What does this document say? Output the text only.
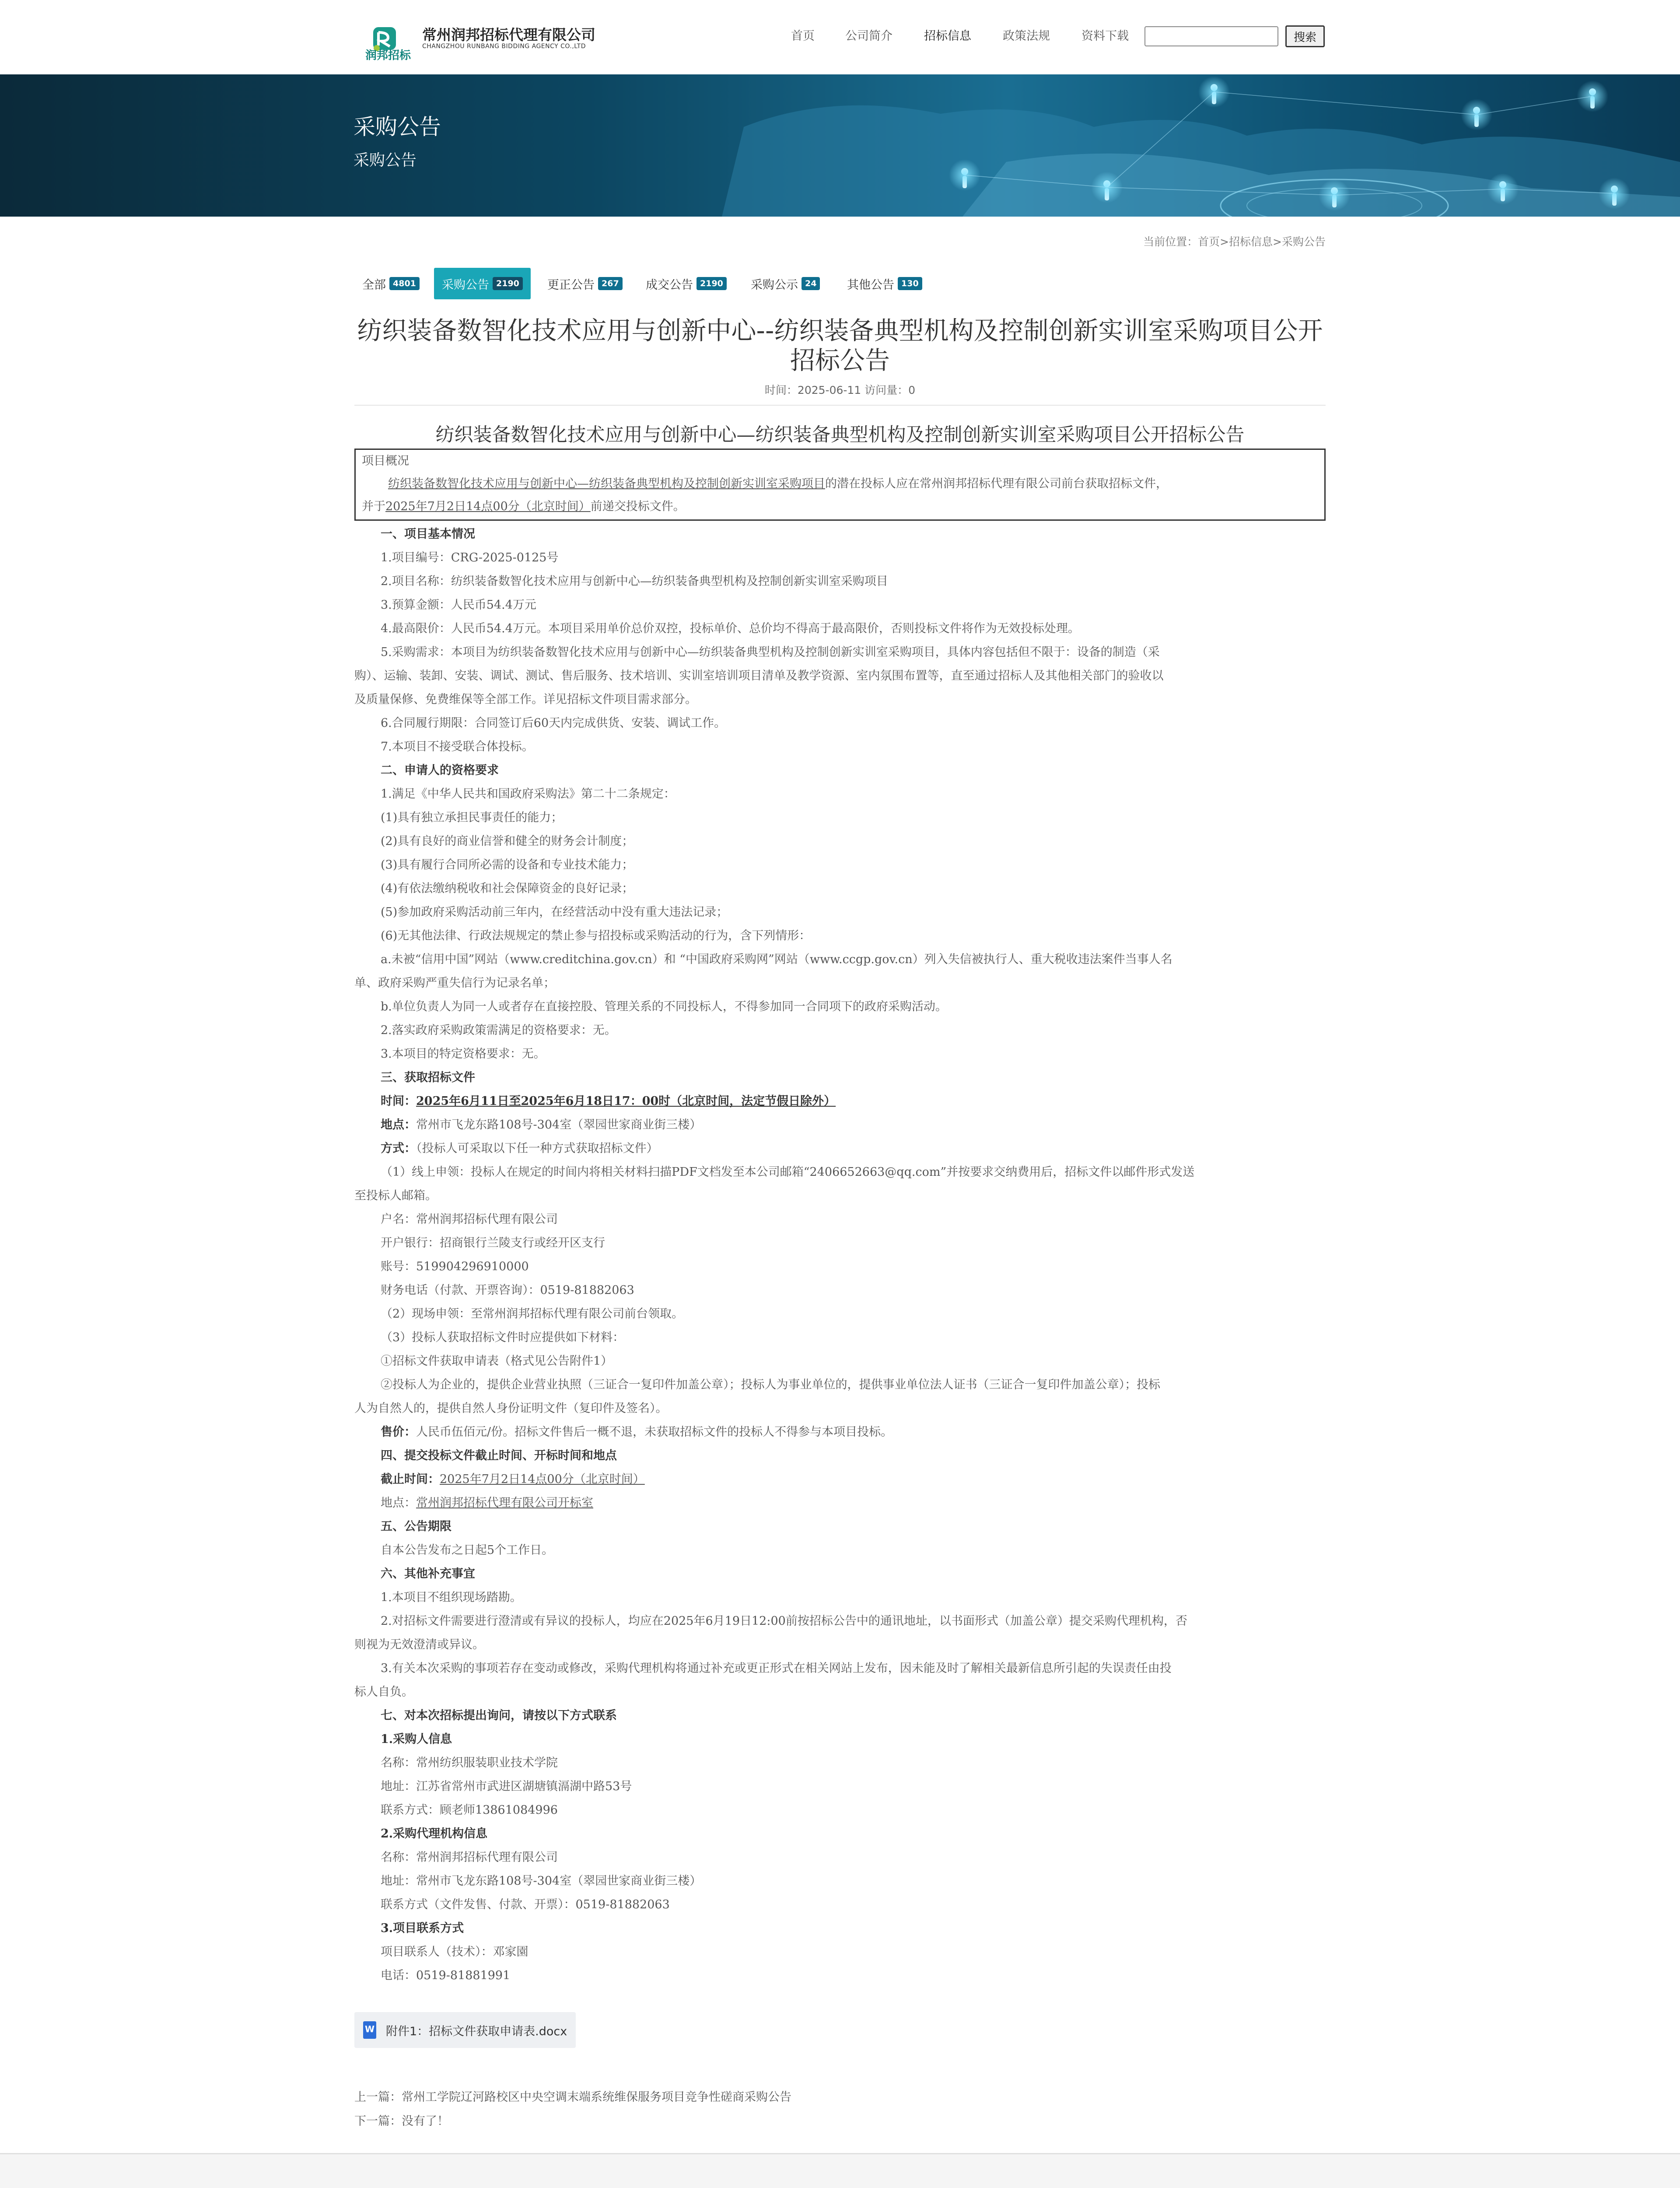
润邦招标
常州润邦招标代理有限公司
CHANGZHOU RUNBANG BIDDING AGENCY CO.,LTD
首页	公司简介	招标信息	政策法规	资料下载	搜索
采购公告
采购公告
当前位置：首页>招标信息>采购公告
全部 4801 采购公告 2190 更正公告 267 成交公告 2190 采购公示 24	其他公告 130
纺织装备数智化技术应用与创新中心--纺织装备典型机构及控制创新实训室采购项目公开
招标公告
时间：2025-06-11 访问量：0
纺织装备数智化技术应用与创新中心—纺织装备典型机构及控制创新实训室采购项目公开招标公告
项目概况
纺织装备数智化技术应用与创新中心—纺织装备典型机构及控制创新实训室采购项目的潜在投标人应在常州润邦招标代理有限公司前台获取招标文件，
并于2025年7月2日14点00分（北京时间）前递交投标文件。
一、项目基本情况
1.项目编号：CRG-2025-0125号
2.项目名称：纺织装备数智化技术应用与创新中心—纺织装备典型机构及控制创新实训室采购项目
3.预算金额：人民币54.4万元
4.最高限价：人民币54.4万元。本项目采用单价总价双控，投标单价、总价均不得高于最高限价，否则投标文件将作为无效投标处理。
5.采购需求：本项目为纺织装备数智化技术应用与创新中心—纺织装备典型机构及控制创新实训室采购项目，具体内容包括但不限于：设备的制造（采
购）、运输、装卸、安装、调试、测试、售后服务、技术培训、实训室培训项目清单及教学资源、室内氛围布置等，直至通过招标人及其他相关部门的验收以
及质量保修、免费维保等全部工作。详见招标文件项目需求部分。
6.合同履行期限：合同签订后60天内完成供货、安装、调试工作。
7.本项目不接受联合体投标。
二、申请人的资格要求
1.满足《中华人民共和国政府采购法》第二十二条规定：
(1)具有独立承担民事责任的能力；
(2)具有良好的商业信誉和健全的财务会计制度；
(3)具有履行合同所必需的设备和专业技术能力；
(4)有依法缴纳税收和社会保障资金的良好记录；
(5)参加政府采购活动前三年内，在经营活动中没有重大违法记录；
(6)无其他法律、行政法规规定的禁止参与招投标或采购活动的行为，含下列情形：
a.未被“信用中国”网站（www.creditchina.gov.cn）和 “中国政府采购网”网站（www.ccgp.gov.cn）列入失信被执行人、重大税收违法案件当事人名
单、政府采购严重失信行为记录名单；
b.单位负责人为同一人或者存在直接控股、管理关系的不同投标人，不得参加同一合同项下的政府采购活动。
2.落实政府采购政策需满足的资格要求：无。
3.本项目的特定资格要求：无。
三、获取招标文件
时间：2025年6月11日至2025年6月18日17：00时（北京时间，法定节假日除外）
地点：常州市飞龙东路108号-304室（翠园世家商业街三楼）
方式：（投标人可采取以下任一种方式获取招标文件）
（1）线上申领：投标人在规定的时间内将相关材料扫描PDF文档发至本公司邮箱“2406652663@qq.com”并按要求交纳费用后，招标文件以邮件形式发送
至投标人邮箱。
户名：常州润邦招标代理有限公司
开户银行：招商银行兰陵支行或经开区支行
账号：519904296910000
财务电话（付款、开票咨询）：0519-81882063
（2）现场申领：至常州润邦招标代理有限公司前台领取。
（3）投标人获取招标文件时应提供如下材料：
①招标文件获取申请表（格式见公告附件1）
②投标人为企业的，提供企业营业执照（三证合一复印件加盖公章）；投标人为事业单位的，提供事业单位法人证书（三证合一复印件加盖公章）；投标
人为自然人的，提供自然人身份证明文件（复印件及签名）。
售价：人民币伍佰元/份。招标文件售后一概不退，未获取招标文件的投标人不得参与本项目投标。
四、提交投标文件截止时间、开标时间和地点
截止时间：2025年7月2日14点00分（北京时间）
地点：常州润邦招标代理有限公司开标室
五、公告期限
自本公告发布之日起5个工作日。
六、其他补充事宜
1.本项目不组织现场踏勘。
2.对招标文件需要进行澄清或有异议的投标人，均应在2025年6月19日12:00前按招标公告中的通讯地址，以书面形式（加盖公章）提交采购代理机构，否
则视为无效澄清或异议。
3.有关本次采购的事项若存在变动或修改，采购代理机构将通过补充或更正形式在相关网站上发布，因未能及时了解相关最新信息所引起的失误责任由投
标人自负。
七、对本次招标提出询问，请按以下方式联系
1.采购人信息
名称：常州纺织服装职业技术学院
地址：江苏省常州市武进区湖塘镇滆湖中路53号
联系方式：顾老师13861084996
2.采购代理机构信息
名称：常州润邦招标代理有限公司
地址：常州市飞龙东路108号-304室（翠园世家商业街三楼）
联系方式（文件发售、付款、开票）：0519-81882063
3.项目联系方式
项目联系人（技术）：邓家園
电话：0519-81881991
W
附件1：招标文件获取申请表.docx
上一篇：常州工学院辽河路校区中央空调末端系统维保服务项目竞争性磋商采购公告
下一篇：没有了！
